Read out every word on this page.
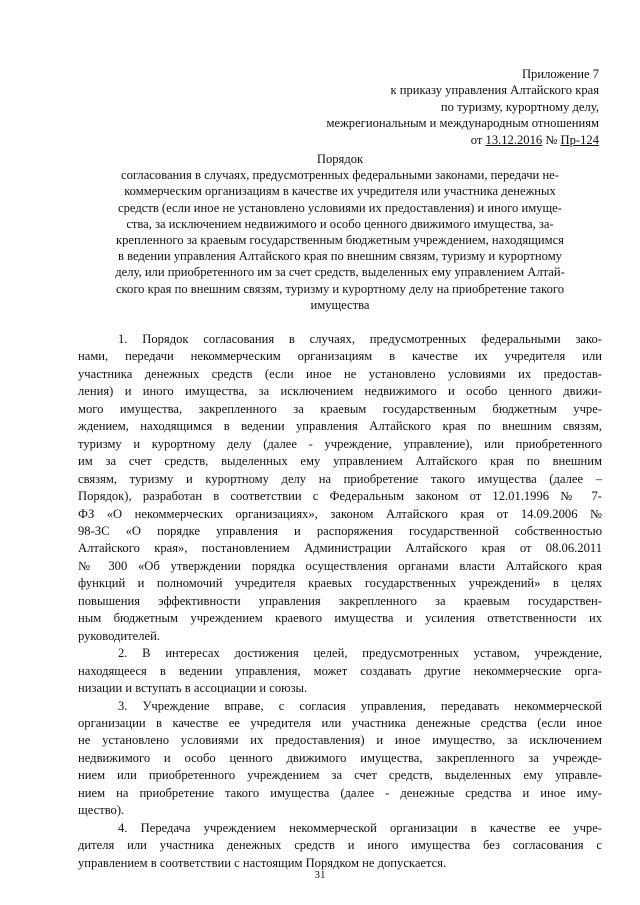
Приложение 7
к приказу управления Алтайского края
по туризму, курортному делу,
межрегиональным и международным отношениям
от 13.12.2016 № Пр-124
Порядок
согласования в случаях, предусмотренных федеральными законами, передачи не-
коммерческим организациям в качестве их учредителя или участника денежных
средств (если иное не установлено условиями их предоставления) и иного имуще-
ства, за исключением недвижимого и особо ценного движимого имущества, за-
крепленного за краевым государственным бюджетным учреждением, находящимся
в ведении управления Алтайского края по внешним связям, туризму и курортному
делу, или приобретенного им за счет средств, выделенных ему управлением Алтай-
ского края по внешним связям, туризму и курортному делу на приобретение такого
имущества
1. Порядок согласования в случаях, предусмотренных федеральными зако-
нами, передачи некоммерческим организациям в качестве их учредителя или
участника денежных средств (если иное не установлено условиями их предостав-
ления) и иного имущества, за исключением недвижимого и особо ценного движи-
мого имущества, закрепленного за краевым государственным бюджетным учре-
ждением, находящимся в ведении управления Алтайского края по внешним связям,
туризму и курортному делу (далее - учреждение, управление), или приобретенного
им за счет средств, выделенных ему управлением Алтайского края по внешним
связям, туризму и курортному делу на приобретение такого имущества (далее –
Порядок), разработан в соответствии с Федеральным законом от 12.01.1996 № 7-
ФЗ «О некоммерческих организациях», законом Алтайского края от 14.09.2006 №
98-ЗС «О порядке управления и распоряжения государственной собственностью
Алтайского края», постановлением Администрации Алтайского края от 08.06.2011
№ 300 «Об утверждении порядка осуществления органами власти Алтайского края
функций и полномочий учредителя краевых государственных учреждений» в целях
повышения эффективности управления закрепленного за краевым государствен-
ным бюджетным учреждением краевого имущества и усиления ответственности их
руководителей.
2. В интересах достижения целей, предусмотренных уставом, учреждение,
находящееся в ведении управления, может создавать другие некоммерческие орга-
низации и вступать в ассоциации и союзы.
3. Учреждение вправе, с согласия управления, передавать некоммерческой
организации в качестве ее учредителя или участника денежные средства (если иное
не установлено условиями их предоставления) и иное имущество, за исключением
недвижимого и особо ценного движимого имущества, закрепленного за учрежде-
нием или приобретенного учреждением за счет средств, выделенных ему управле-
нием на приобретение такого имущества (далее - денежные средства и иное иму-
щество).
4. Передача учреждением некоммерческой организации в качестве ее учре-
дителя или участника денежных средств и иного имущества без согласования с
управлением в соответствии с настоящим Порядком не допускается.
31
